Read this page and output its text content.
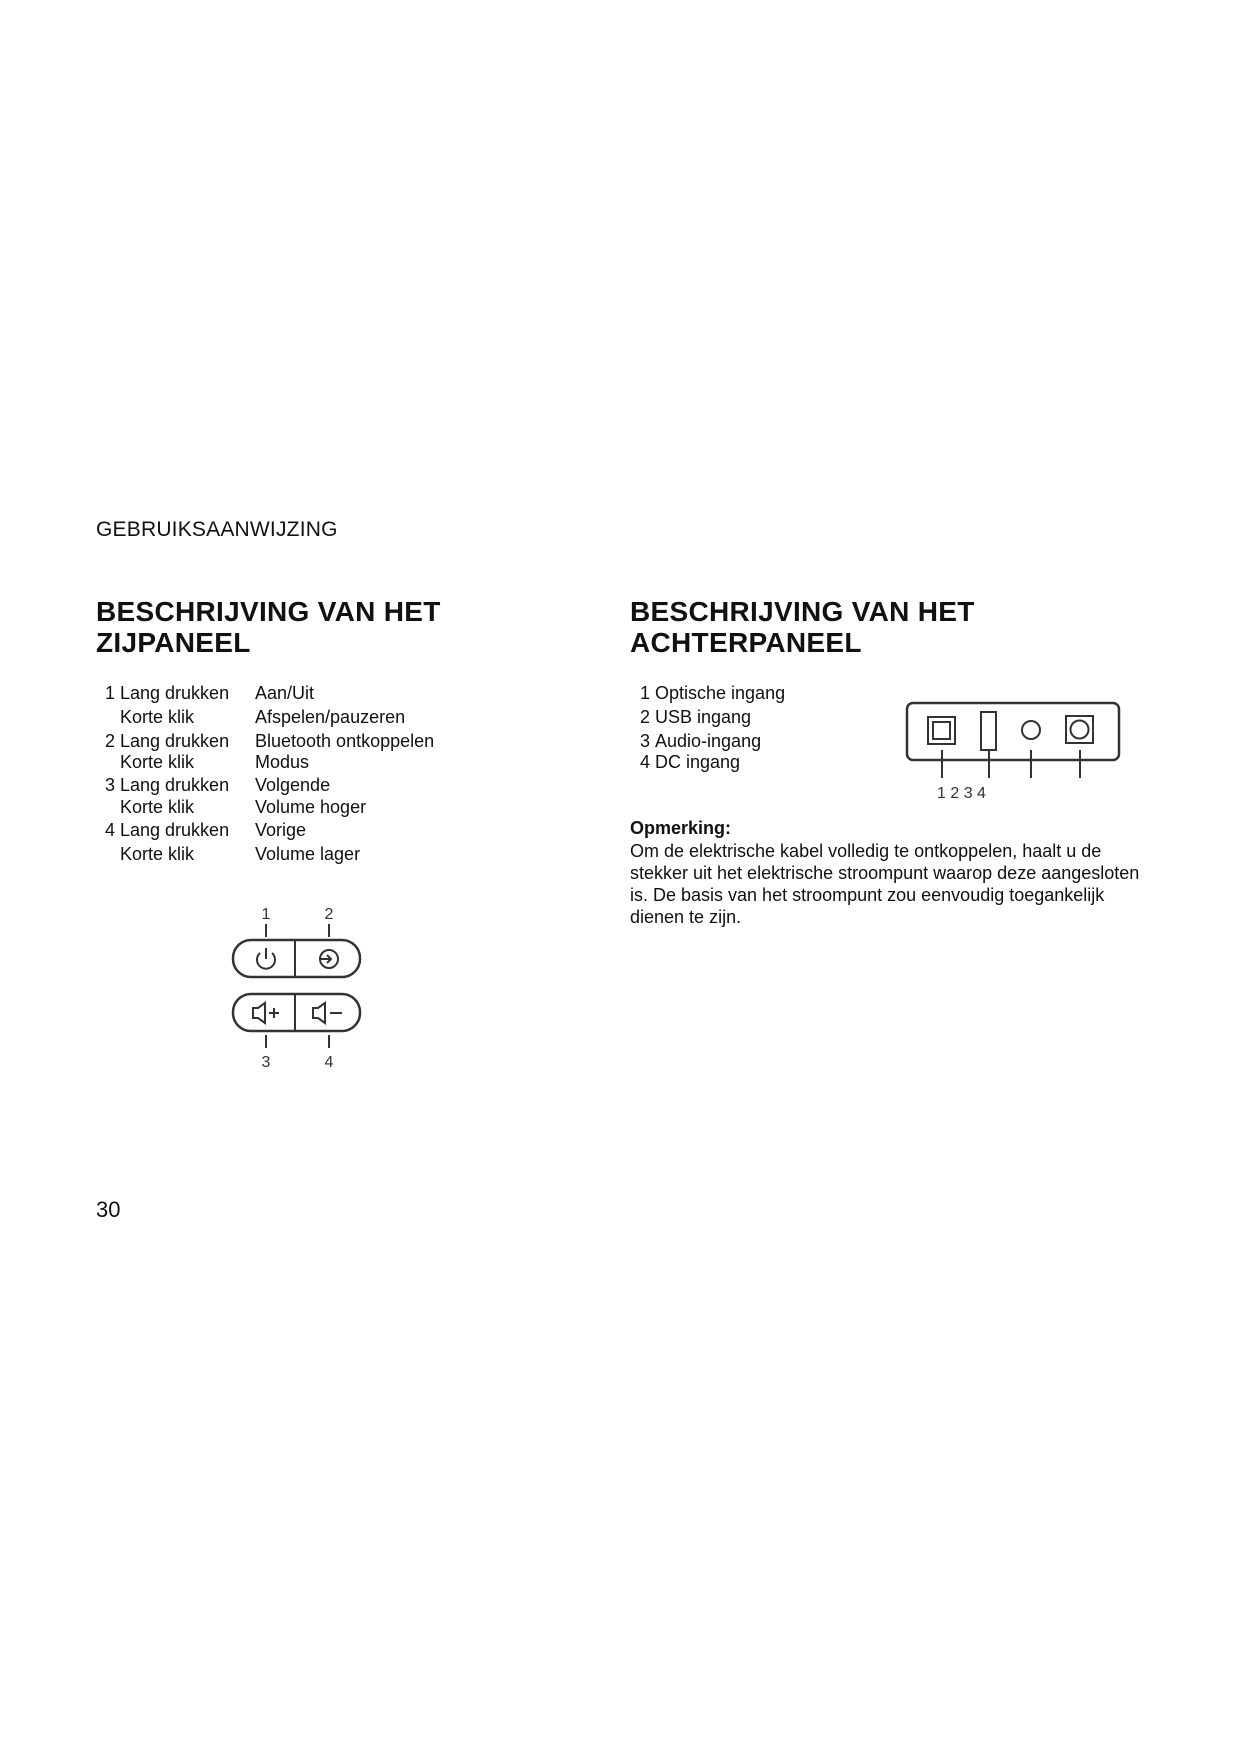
GEBRUIKSAANWIJZING
BESCHRIJVING VAN HET
ZIJPANEEL
1 Lang drukken Aan/Uit
Korte klik	Afspelen/pauzeren
2 Lang drukken Bluetooth ontkoppelen
Korte klik	Modus
3 Lang drukken Volgende
Korte klik	Volume hoger
4 Lang drukken Vorige
Korte klik	Volume lager
1	2
3	4
BESCHRIJVING VAN HET
ACHTERPANEEL
1 Optische ingang
2 USB ingang
3 Audio-ingang
4 DC ingang
1 2 3 4
Opmerking:
Om de elektrische kabel volledig te ontkoppelen, haalt u de
stekker uit het elektrische stroompunt waarop deze aangesloten
is. De basis van het stroompunt zou eenvoudig toegankelijk
dienen te zijn.
30
